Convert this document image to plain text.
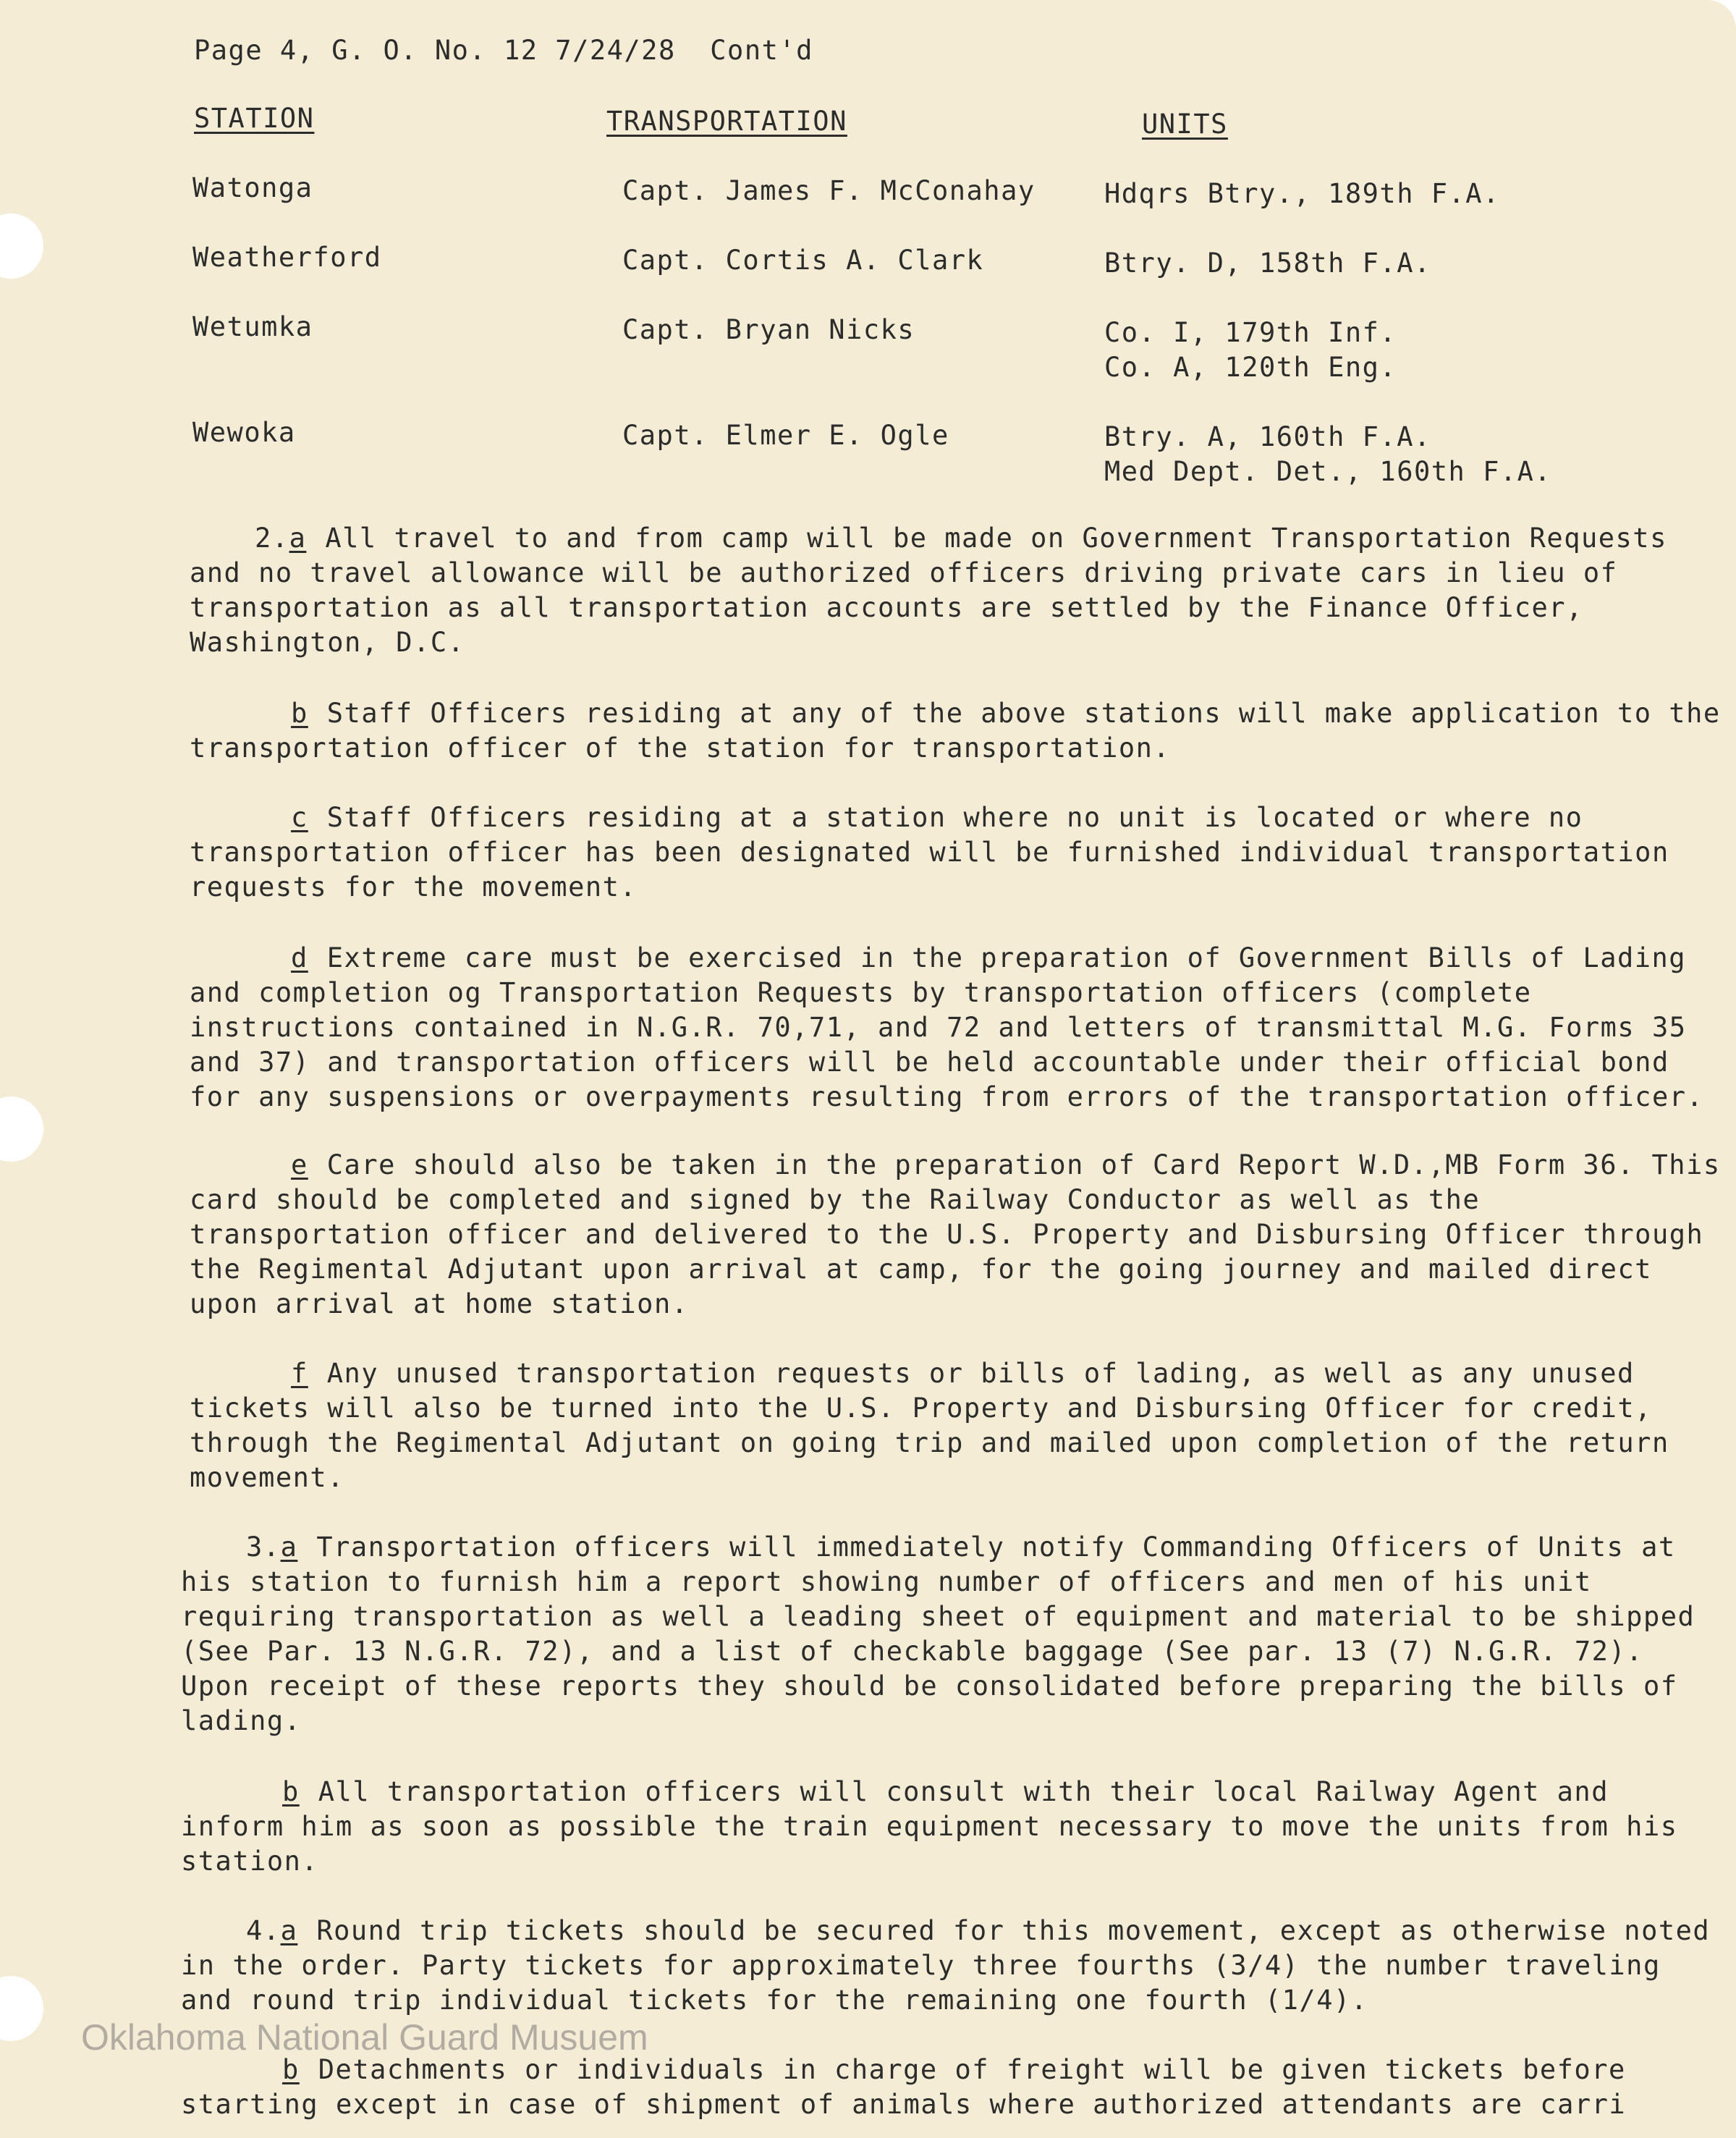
Page 4, G. O. No. 12 7/24/28  Cont'd
STATION	TRANSPORTATION	UNITS
Watonga	Capt. James F. McConahay	Hdqrs Btry., 189th F.A.
Weatherford	Capt. Cortis A. Clark	Btry. D, 158th F.A.
Wetumka	Capt. Bryan Nicks	Co. I, 179th Inf.
Co. A, 120th Eng.
Wewoka	Capt. Elmer E. Ogle	Btry. A, 160th F.A.
Med Dept. Det., 160th F.A.
2.a All travel to and from camp will be made on Government Transportation Requests and no travel allowance will be authorized officers driving private cars in lieu of transportation as all transportation accounts are settled by the Finance Officer, Washington, D.C.
b Staff Officers residing at any of the above stations will make application to the transportation officer of the station for transportation.
c Staff Officers residing at a station where no unit is located or where no transportation officer has been designated will be furnished individual transportation requests for the movement.
d Extreme care must be exercised in the preparation of Government Bills of Lading and completion og Transportation Requests by transportation officers (complete instructions contained in N.G.R. 70,71, and 72 and letters of transmittal M.G. Forms 35 and 37) and transportation officers will be held accountable under their official bond for any suspensions or overpayments resulting from errors of the transportation officer.
e Care should also be taken in the preparation of Card Report W.D.,MB Form 36. This card should be completed and signed by the Railway Conductor as well as the transportation officer and delivered to the U.S. Property and Disbursing Officer through the Regimental Adjutant upon arrival at camp, for the going journey and mailed direct upon arrival at home station.
f Any unused transportation requests or bills of lading, as well as any unused tickets will also be turned into the U.S. Property and Disbursing Officer for credit, through the Regimental Adjutant on going trip and mailed upon completion of the return movement.
3.a Transportation officers will immediately notify Commanding Officers of Units at his station to furnish him a report showing number of officers and men of his unit requiring transportation as well a leading sheet of equipment and material to be shipped (See Par. 13 N.G.R. 72), and a list of checkable baggage (See par. 13 (7) N.G.R. 72). Upon receipt of these reports they should be consolidated before preparing the bills of lading.
b All transportation officers will consult with their local Railway Agent and inform him as soon as possible the train equipment necessary to move the units from his station.
4.a Round trip tickets should be secured for this movement, except as otherwise noted in the order. Party tickets for approximately three fourths (3/4) the number traveling and round trip individual tickets for the remaining one fourth (1/4).
b Detachments or individuals in charge of freight will be given tickets before starting except in case of shipment of animals where authorized attendants are carri
Oklahoma National Guard Musuem
